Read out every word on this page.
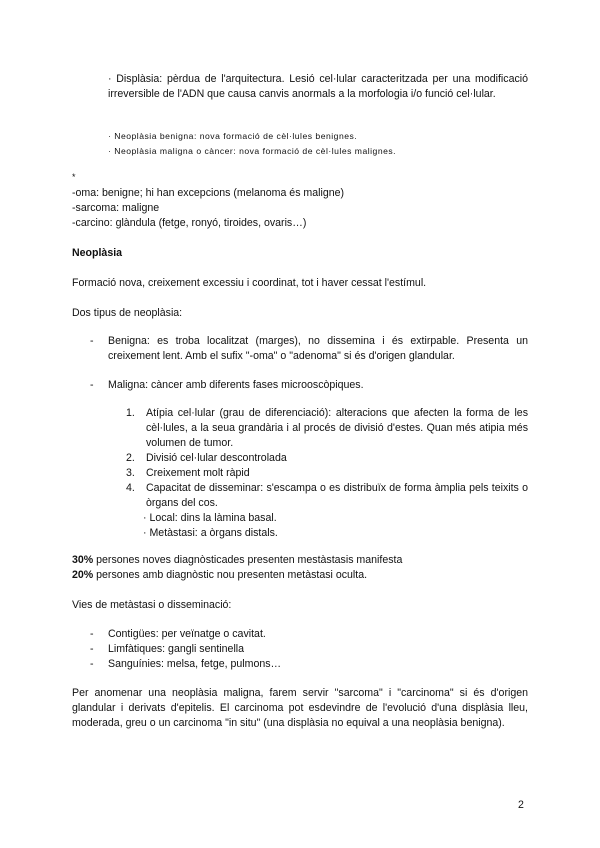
· Displàsia: pèrdua de l'arquitectura. Lesió cel·lular caracteritzada per una modificació irreversible de l'ADN que causa canvis anormals a la morfologia i/o funció cel·lular.

· Neoplàsia benigna: nova formació de cèl·lules benignes.

· Neoplàsia maligna o càncer: nova formació de cèl·lules malignes.

*

-oma: benigne; hi han excepcions (melanoma és maligne)

-sarcoma: maligne

-carcino: glàndula (fetge, ronyó, tiroides, ovaris…)

Neoplàsia

Formació nova, creixement excessiu i coordinat, tot i haver cessat l'estímul.

Dos tipus de neoplàsia:

- Benigna: es troba localitzat (marges), no dissemina i és extirpable. Presenta un creixement lent. Amb el sufix "-oma" o "adenoma" si és d'origen glandular.

- Maligna: càncer amb diferents fases microoscòpiques.

1. Atípia cel·lular (grau de diferenciació): alteracions que afecten la forma de les cèl·lules, a la seua grandària i al procés de divisió d'estes. Quan més atipia més volumen de tumor.

2. Divisió cel·lular descontrolada

3. Creixement molt ràpid

4. Capacitat de disseminar: s'escampa o es distribuïx de forma àmplia pels teixits o òrgans del cos.

· Local: dins la làmina basal.

· Metàstasi: a òrgans distals.

30% persones noves diagnòsticades presenten mestàstasis manifesta

20% persones amb diagnòstic nou presenten metàstasi oculta.

Vies de metàstasi o disseminació:

- Contigües: per veïnatge o cavitat.

- Limfàtiques: gangli sentinella

- Sanguínies: melsa, fetge, pulmons…

Per anomenar una neoplàsia maligna, farem servir "sarcoma" i "carcinoma" si és d'origen glandular i derivats d'epitelis. El carcinoma pot esdevindre de l'evolució d'una displàsia lleu, moderada, greu o un carcinoma "in situ" (una displàsia no equival a una neoplàsia benigna).

2
